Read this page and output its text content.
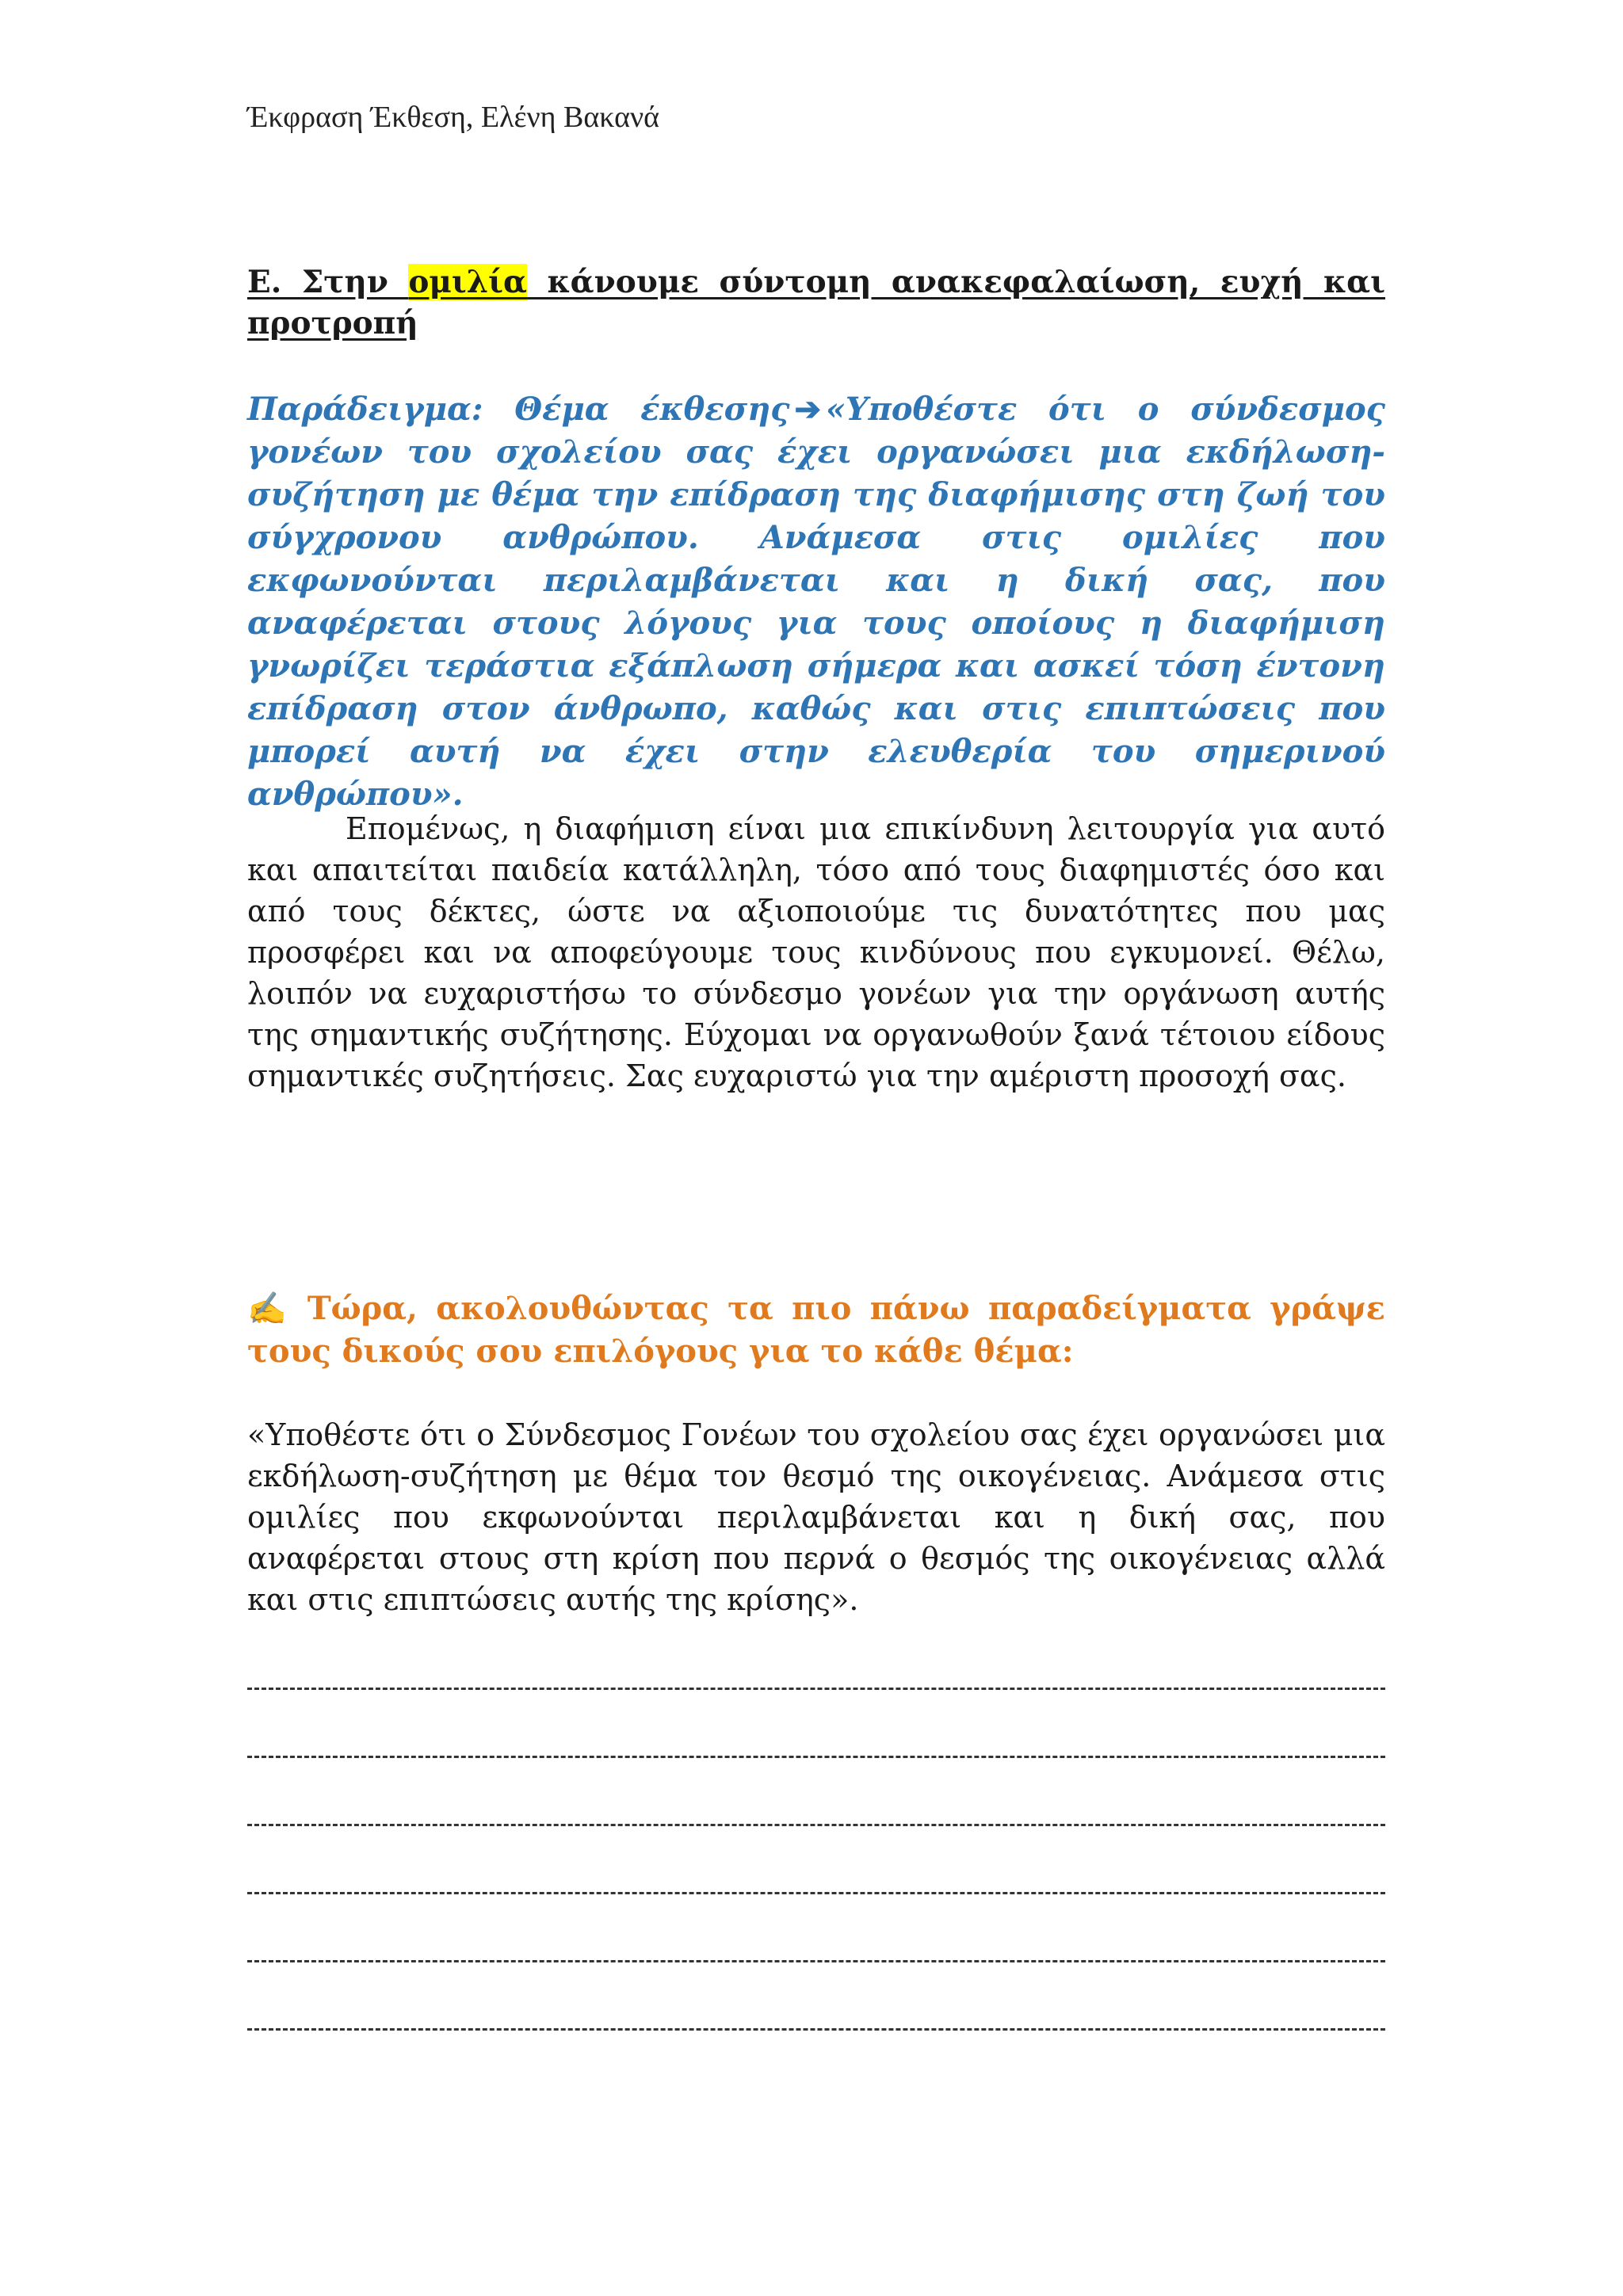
Έκφραση Έκθεση, Ελένη Βακανά
Ε. Στην ομιλία κάνουμε σύντομη ανακεφαλαίωση, ευχή και προτροπή
Παράδειγμα: Θέμα έκθεσης ➔ «Υποθέστε ότι ο σύνδεσμος γονέων του σχολείου σας έχει οργανώσει μια εκδήλωση-συζήτηση με θέμα την επίδραση της διαφήμισης στη ζωή του σύγχρονου ανθρώπου. Ανάμεσα στις ομιλίες που εκφωνούνται περιλαμβάνεται και η δική σας, που αναφέρεται στους λόγους για τους οποίους η διαφήμιση γνωρίζει τεράστια εξάπλωση σήμερα και ασκεί τόση έντονη επίδραση στον άνθρωπο, καθώς και στις επιπτώσεις που μπορεί αυτή να έχει στην ελευθερία του σημερινού ανθρώπου».
Επομένως, η διαφήμιση είναι μια επικίνδυνη λειτουργία για αυτό και απαιτείται παιδεία κατάλληλη, τόσο από τους διαφημιστές όσο και από τους δέκτες, ώστε να αξιοποιούμε τις δυνατότητες που μας προσφέρει και να αποφεύγουμε τους κινδύνους που εγκυμονεί. Θέλω, λοιπόν να ευχαριστήσω το σύνδεσμο γονέων για την οργάνωση αυτής της σημαντικής συζήτησης. Εύχομαι να οργανωθούν ξανά τέτοιου είδους σημαντικές συζητήσεις. Σας ευχαριστώ για την αμέριστη προσοχή σας.
✍ Τώρα, ακολουθώντας τα πιο πάνω παραδείγματα γράψε τους δικούς σου επιλόγους για το κάθε θέμα:
«Υποθέστε ότι ο Σύνδεσμος Γονέων του σχολείου σας έχει οργανώσει μια εκδήλωση-συζήτηση με θέμα τον θεσμό της οικογένειας. Ανάμεσα στις ομιλίες που εκφωνούνται περιλαμβάνεται και η δική σας, που αναφέρεται στους στη κρίση που περνά ο θεσμός της οικογένειας αλλά και στις επιπτώσεις αυτής της κρίσης».
